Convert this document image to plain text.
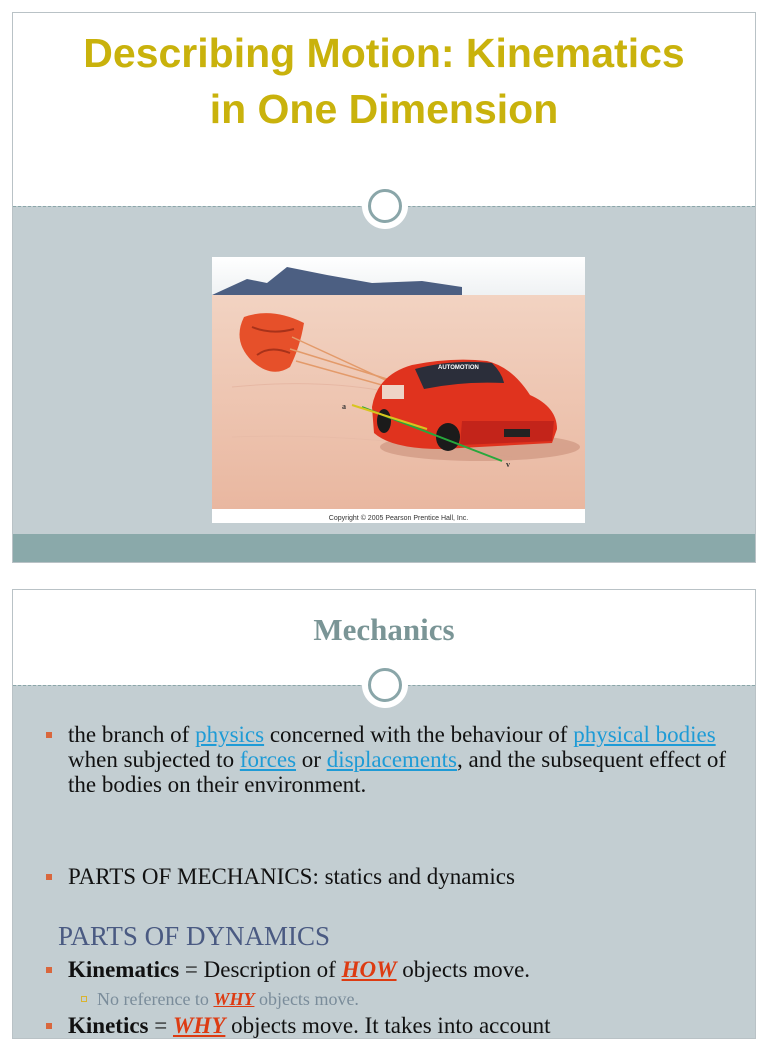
Describing Motion: Kinematics
in One Dimension
AUTOMOTION
a
v
Copyright © 2005 Pearson Prentice Hall, Inc.
Mechanics
the branch of physics concerned with the behaviour of physical bodies when subjected to forces or displacements, and the subsequent effect of the bodies on their environment.
PARTS OF MECHANICS: statics and dynamics
PARTS OF DYNAMICS
Kinematics = Description of HOW objects move.
No reference to WHY objects move.
Kinetics = WHY objects move. It takes into account
